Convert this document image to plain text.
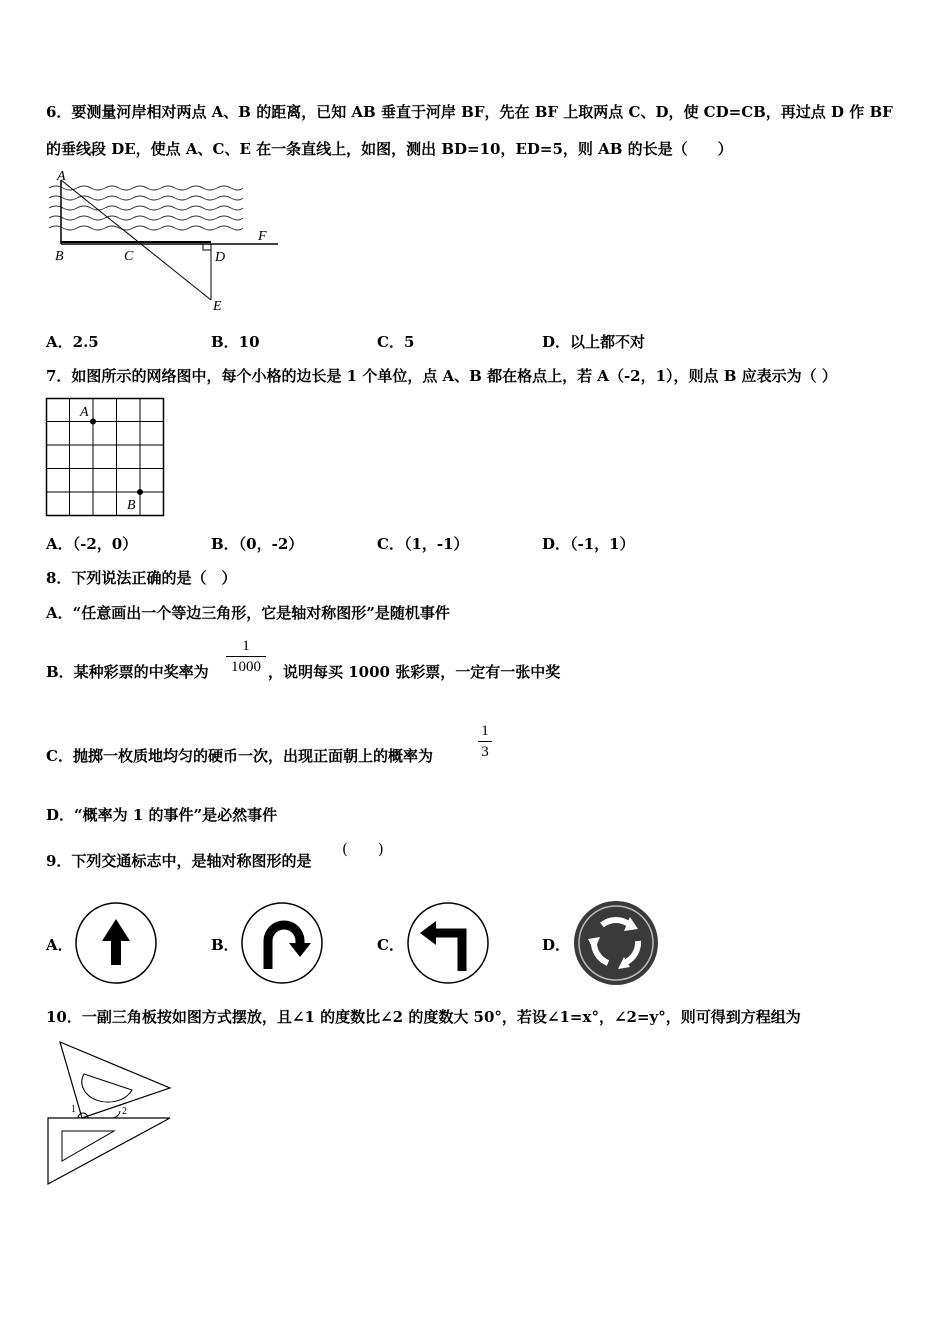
6．要测量河岸相对两点 A、B 的距离，已知 AB 垂直于河岸 BF，先在 BF 上取两点 C、D，使 CD=CB，再过点 D 作 BF
的垂线段 DE，使点 A、C、E 在一条直线上，如图，测出 BD=10，ED=5，则 AB 的长是（　　）
A
B	C	D
E
F
A．2.5	B．10	C．5	D．以上都不对
7．如图所示的网络图中，每个小格的边长是 1 个单位，点 A、B 都在格点上，若 A（-2，1），则点 B 应表示为（ ）
A
B
A．（-2，0）	B．（0，-2）	C．（1，-1）	D．（-1，1）
8．下列说法正确的是（　）
A．“任意画出一个等边三角形，它是轴对称图形”是随机事件
B．某种彩票的中奖率为
1
1000 ，说明每买 1000 张彩票，一定有一张中奖
C．抛掷一枚质地均匀的硬币一次，出现正面朝上的概率为
1
3
D．“概率为 1 的事件”是必然事件
9．下列交通标志中，是轴对称图形的是
(　　)
A．	B．	C．	D．
10．一副三角板按如图方式摆放，且∠1 的度数比∠2 的度数大 50°，若设∠1=x°，∠2=y°，则可得到方程组为
1	2
